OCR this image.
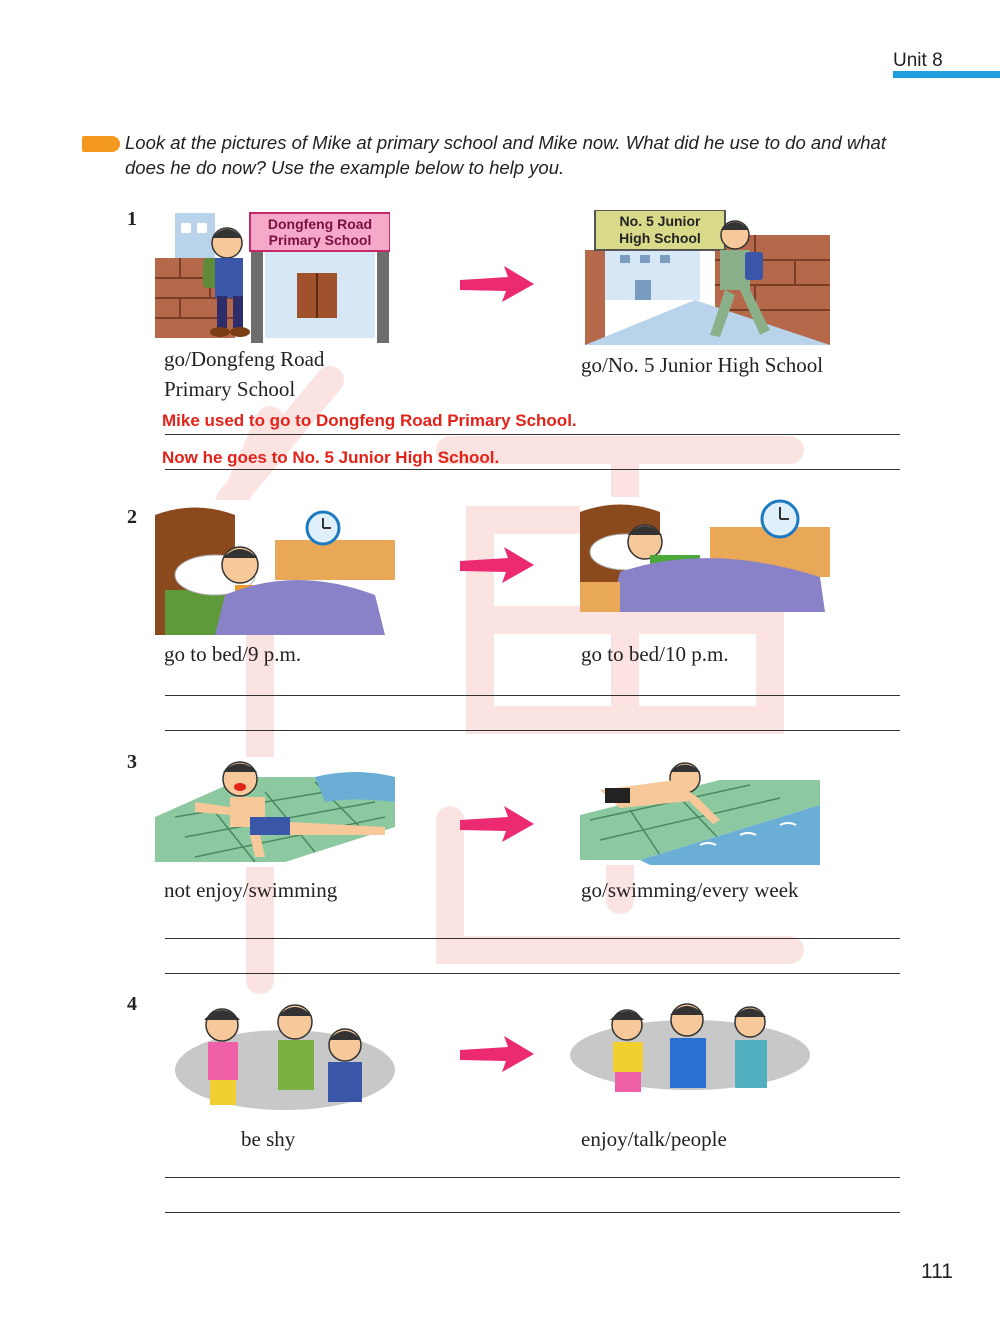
Unit 8
Look at the pictures of Mike at primary school and Mike now. What did he use to do and what does he do now? Use the example below to help you.
1	Dongfeng Road
Primary School
No. 5 Junior
High School
go/Dongfeng Road
Primary School
go/No. 5 Junior High School
Mike used to go to Dongfeng Road Primary School.
Now he goes to No. 5 Junior High School.
2
go to bed/9 p.m.	go to bed/10 p.m.
3
not enjoy/swimming	go/swimming/every week
4
be shy	enjoy/talk/people
111
